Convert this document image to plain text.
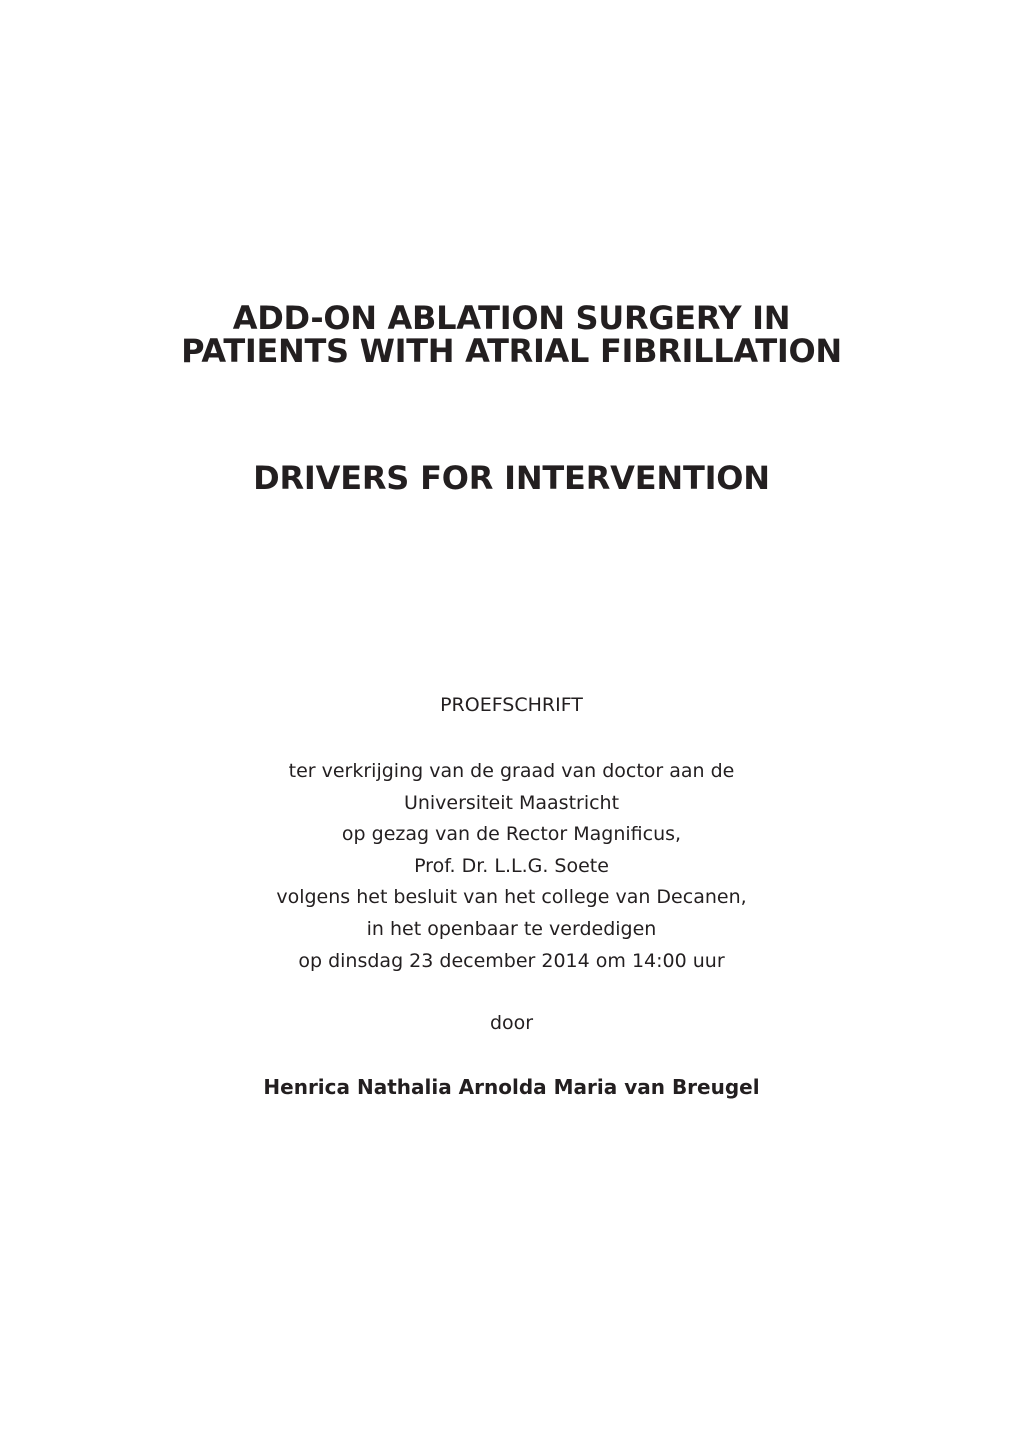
ADD-ON ABLATION SURGERY IN
PATIENTS WITH ATRIAL FIBRILLATION
DRIVERS FOR INTERVENTION
PROEFSCHRIFT
ter verkrijging van de graad van doctor aan de
Universiteit Maastricht
op gezag van de Rector Magnificus,
Prof. Dr. L.L.G. Soete
volgens het besluit van het college van Decanen,
in het openbaar te verdedigen
op dinsdag 23 december 2014 om 14:00 uur
door
Henrica Nathalia Arnolda Maria van Breugel
